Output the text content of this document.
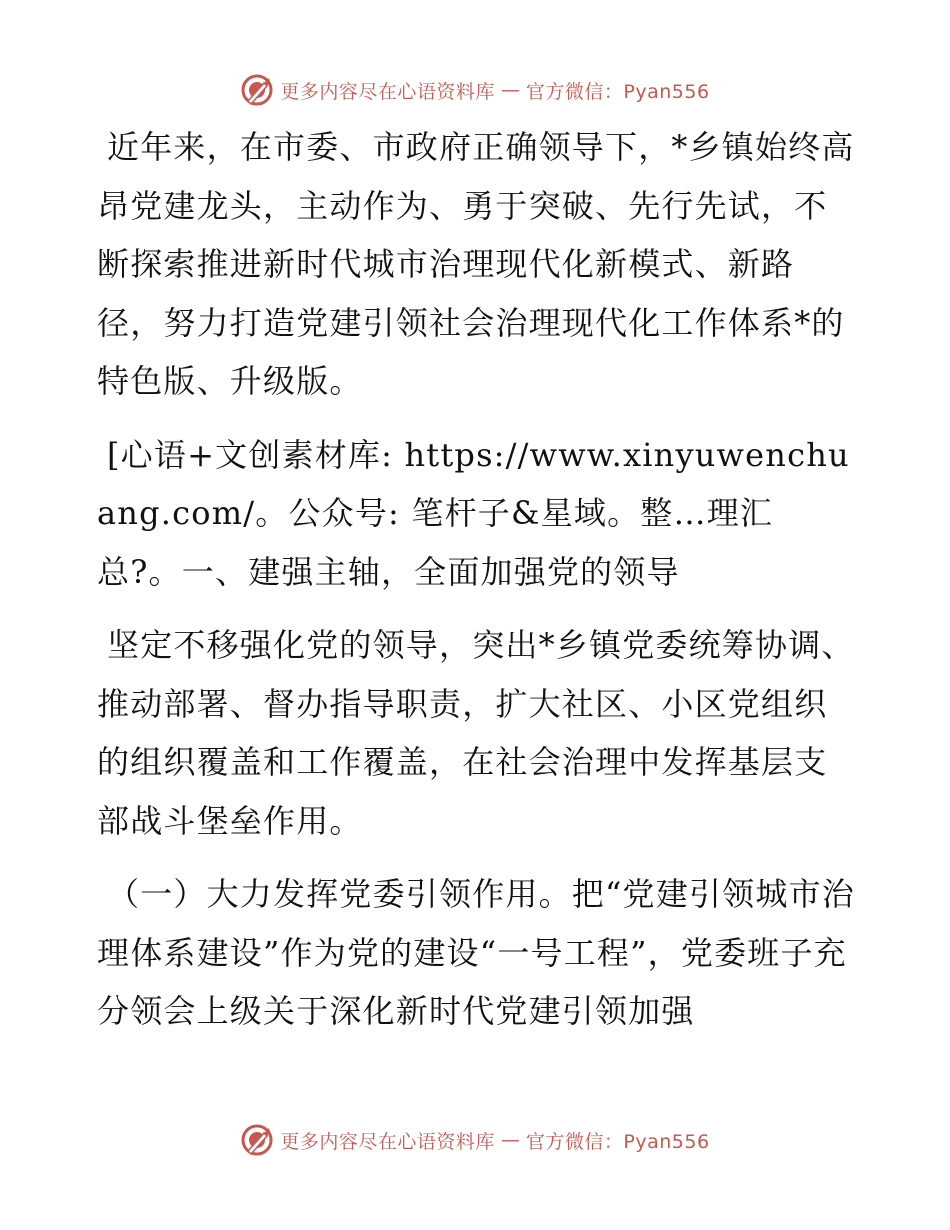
更多内容尽在心语资料库 — 官方微信：Pyan556

近年来，在市委、市政府正确领导下，*乡镇始终高昂党建龙头，主动作为、勇于突破、先行先试，不断探索推进新时代城市治理现代化新模式、新路径，努力打造党建引领社会治理现代化工作体系*的特色版、升级版。

[心语+文创素材库: https://www.xinyuwenchuang.com/。公众号: 笔杆子&星域。整…理汇总?。一、建强主轴，全面加强党的领导

坚定不移强化党的领导，突出*乡镇党委统筹协调、推动部署、督办指导职责，扩大社区、小区党组织的组织覆盖和工作覆盖，在社会治理中发挥基层支部战斗堡垒作用。

（一）大力发挥党委引领作用。把“党建引领城市治理体系建设”作为党的建设“一号工程”，党委班子充分领会上级关于深化新时代党建引领加强

更多内容尽在心语资料库 — 官方微信：Pyan556
